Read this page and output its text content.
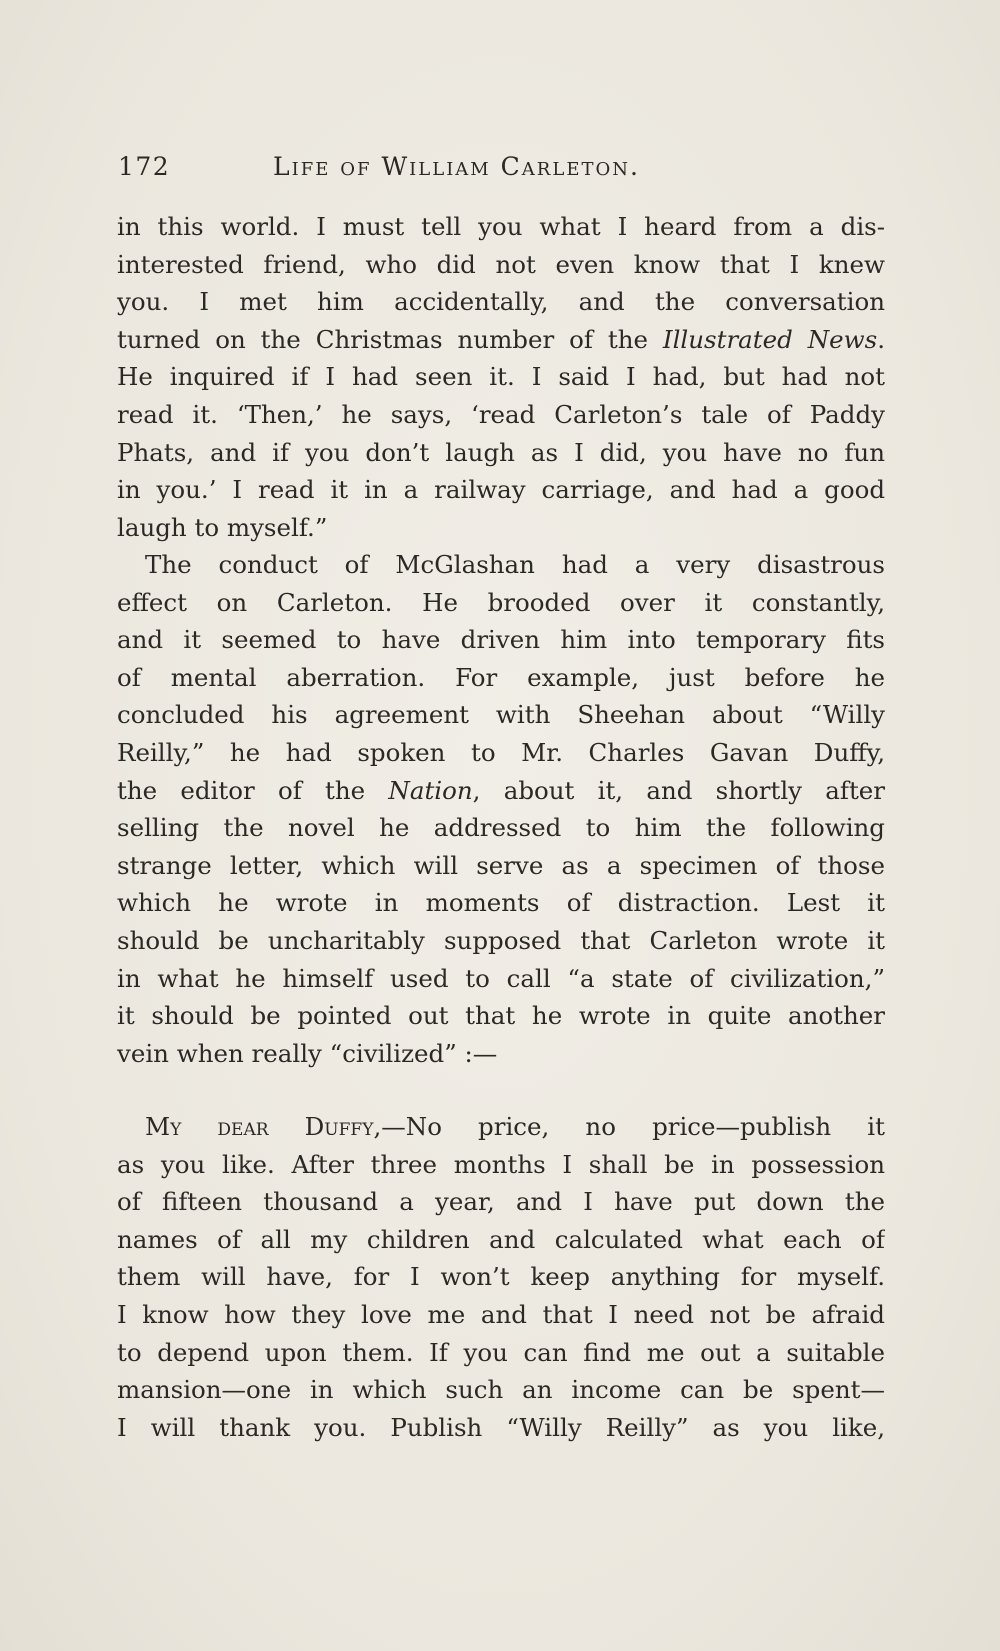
172	Life of William Carleton.
in this world. I must tell you what I heard from a dis-
interested friend, who did not even know that I knew
you. I met him accidentally, and the conversation
turned on the Christmas number of the Illustrated News.
He inquired if I had seen it. I said I had, but had not
read it. ‘Then,’ he says, ‘read Carleton’s tale of Paddy
Phats, and if you don’t laugh as I did, you have no fun
in you.’ I read it in a railway carriage, and had a good
laugh to myself.”
The conduct of McGlashan had a very disastrous
effect on Carleton. He brooded over it constantly,
and it seemed to have driven him into temporary fits
of mental aberration. For example, just before he
concluded his agreement with Sheehan about “Willy
Reilly,” he had spoken to Mr. Charles Gavan Duffy,
the editor of the Nation, about it, and shortly after
selling the novel he addressed to him the following
strange letter, which will serve as a specimen of those
which he wrote in moments of distraction. Lest it
should be uncharitably supposed that Carleton wrote it
in what he himself used to call “a state of civilization,”
it should be pointed out that he wrote in quite another
vein when really “civilized” :—
My dear Duffy,—No price, no price—publish it
as you like. After three months I shall be in possession
of fifteen thousand a year, and I have put down the
names of all my children and calculated what each of
them will have, for I won’t keep anything for myself.
I know how they love me and that I need not be afraid
to depend upon them. If you can find me out a suitable
mansion—one in which such an income can be spent—
I will thank you. Publish “Willy Reilly” as you like,
